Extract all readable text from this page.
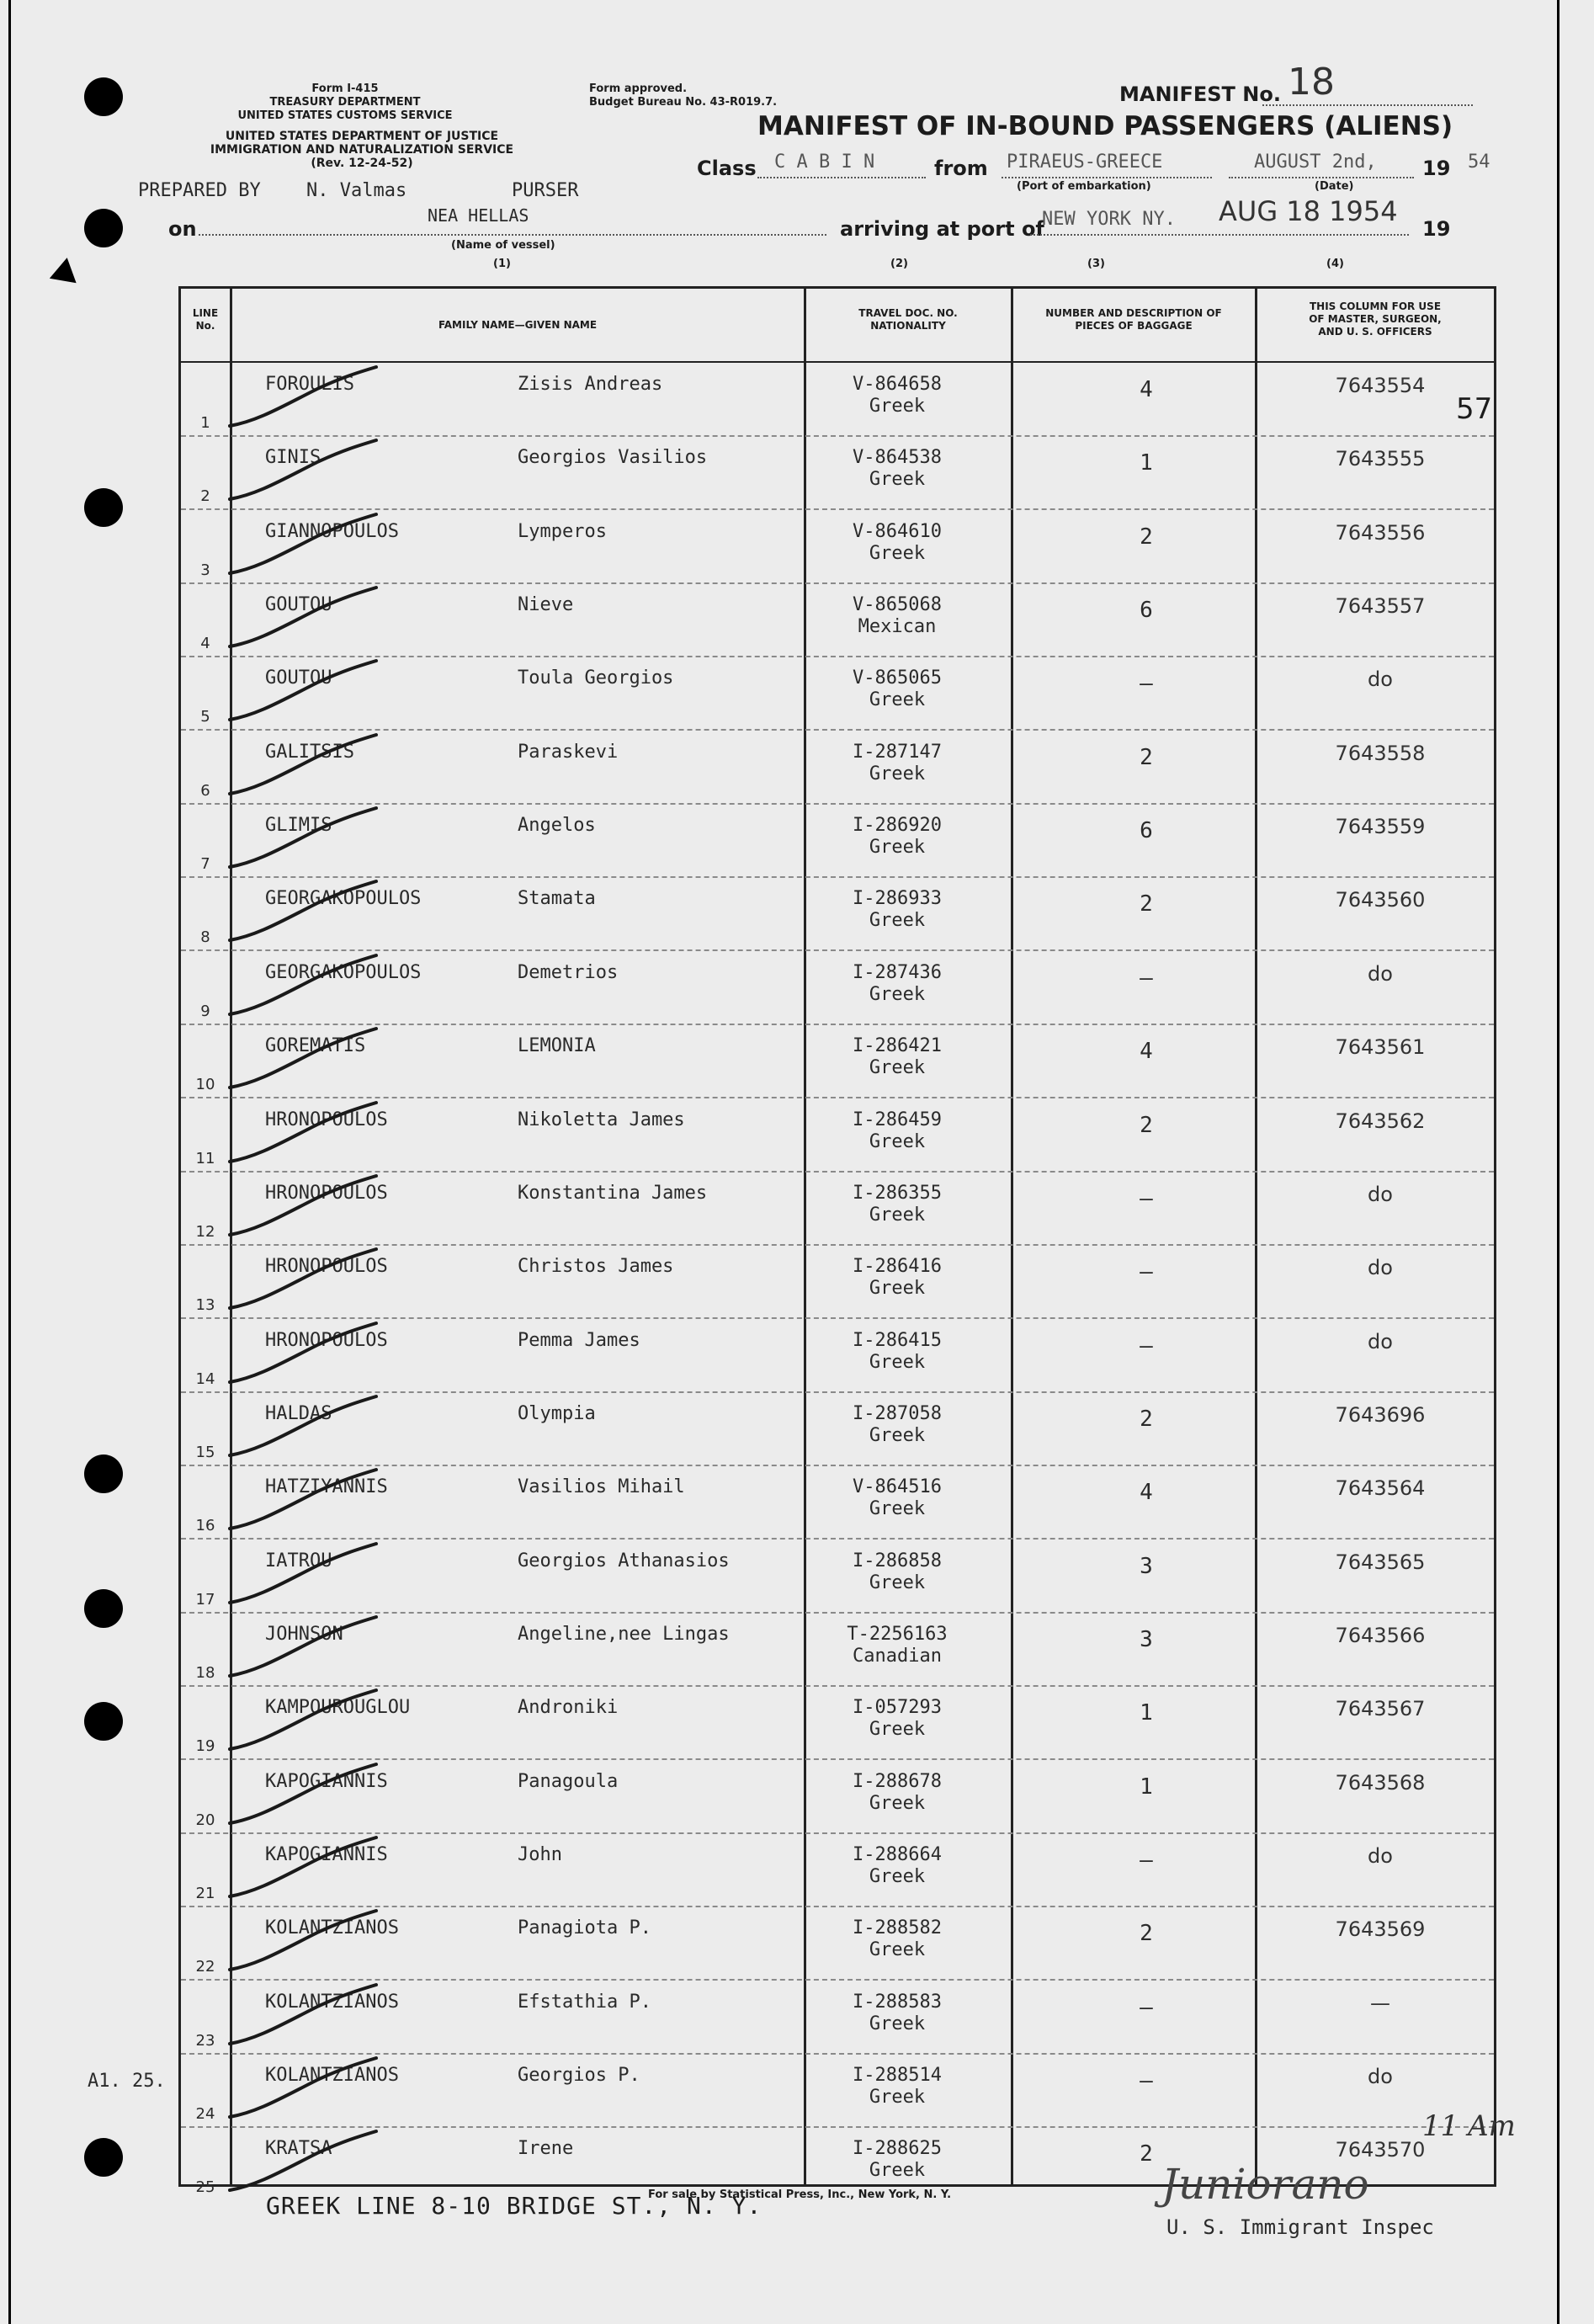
Form I-415
TREASURY DEPARTMENT
UNITED STATES CUSTOMS SERVICE
Form approved.
Budget Bureau No. 43-R019.7.
UNITED STATES DEPARTMENT OF JUSTICE
IMMIGRATION AND NATURALIZATION SERVICE
(Rev. 12-24-52)
MANIFEST No. 18
MANIFEST OF IN-BOUND PASSENGERS (ALIENS)
Class C A B I N	from PIRAEUS-GREECE
(Port of embarkation)
AUGUST 2nd,
(Date)
19 54
PREPARED BY N. Valmas	PURSER
on
NEA HELLAS
(Name of vessel)
arriving at port of
NEW YORK NY. AUG 18 1954
19
(1)	(2)	(3)	(4)
57
LINE
No.	FAMILY NAME—GIVEN NAME
TRAVEL DOC. NO.
NATIONALITY
NUMBER AND DESCRIPTION OF
PIECES OF BAGGAGE
THIS COLUMN FOR USE
OF MASTER, SURGEON,
AND U. S. OFFICERS
1
FOROULIS	Zisis Andreas	V-864658
Greek
4	7643554
2
GINIS	Georgios Vasilios	V-864538
Greek
1	7643555
3
GIANNOPOULOS	Lymperos	V-864610
Greek
2	7643556
4
GOUTOU	Nieve	V-865068
Mexican
6	7643557
5
GOUTOU	Toula Georgios	V-865065
Greek
—	do
6
GALITSIS	Paraskevi	I-287147
Greek
2	7643558
7
GLIMIS	Angelos	I-286920
Greek
6	7643559
8
GEORGAKOPOULOS	Stamata	I-286933
Greek
2	7643560
9
GEORGAKOPOULOS	Demetrios	I-287436
Greek
—	do
10
GOREMATIS	LEMONIA	I-286421
Greek
4	7643561
11
HRONOPOULOS	Nikoletta James	I-286459
Greek
2	7643562
12
HRONOPOULOS	Konstantina James	I-286355
Greek
—	do
13
HRONOPOULOS	Christos James	I-286416
Greek
—	do
14
HRONOPOULOS	Pemma James	I-286415
Greek
—	do
15
HALDAS	Olympia	I-287058
Greek
2	7643696
16
HATZIYANNIS	Vasilios Mihail	V-864516
Greek
4	7643564
17
IATROU	Georgios Athanasios	I-286858
Greek
3	7643565
18
JOHNSON	Angeline,nee Lingas	T-2256163
Canadian
3	7643566
19
KAMPOUROUGLOU	Androniki	I-057293
Greek
1	7643567
20
KAPOGIANNIS	Panagoula	I-288678
Greek
1	7643568
21
KAPOGIANNIS	John	I-288664
Greek
—	do
22
KOLANTZIANOS	Panagiota P.	I-288582
Greek
2	7643569
23
KOLANTZIANOS	Efstathia P.	I-288583
Greek
—	—
24
KOLANTZIANOS	Georgios P.	I-288514
Greek
—	do
25
KRATSA	Irene	I-288625
Greek
2	7643570
A1. 25.
11 Am
GREEK LINE 8-10 BRIDGE ST., N. Y.
For sale by Statistical Press, Inc., New York, N. Y.	Juniorano
U. S. Immigrant Inspec
